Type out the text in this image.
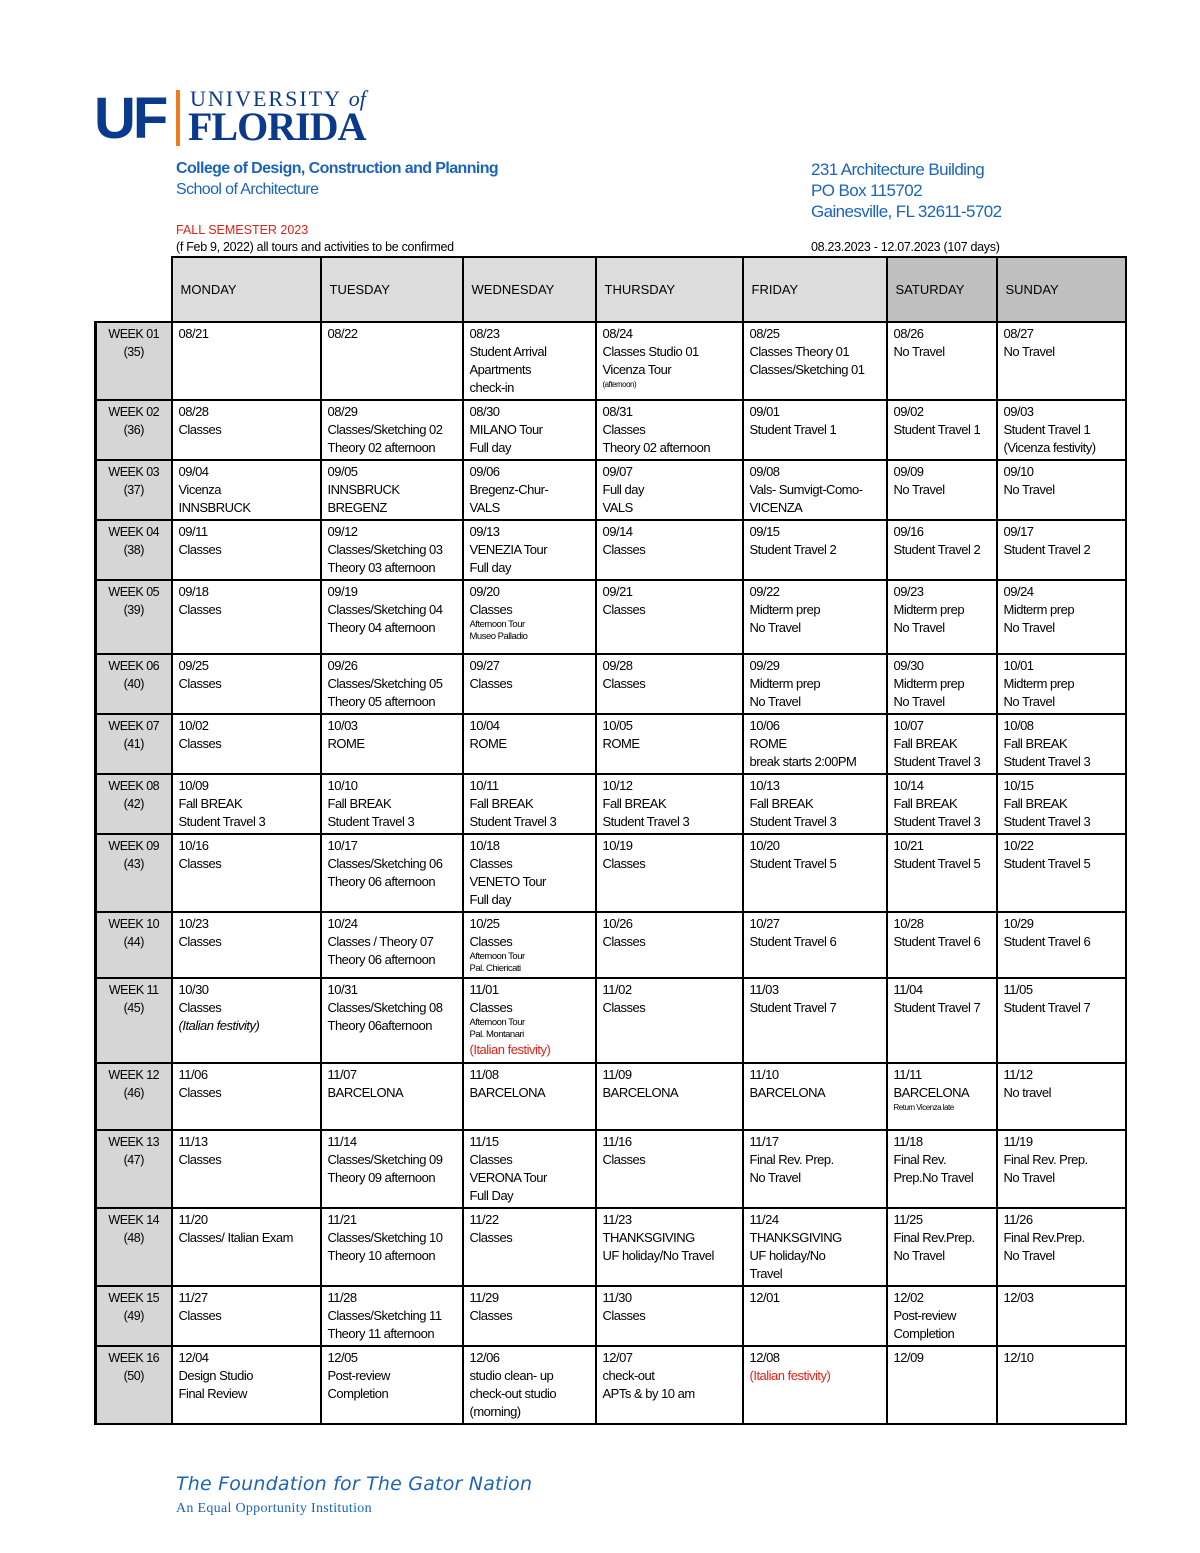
UF UNIVERSITY of
FLORIDA
College of Design, Construction and Planning
School of Architecture
231 Architecture Building
PO Box 115702
Gainesville, FL 32611-5702
FALL SEMESTER 2023
(f Feb 9, 2022) all tours and activities to be confirmed	08.23.2023 - 12.07.2023 (107 days)
	MONDAY	TUESDAY	WEDNESDAY	THURSDAY	FRIDAY	SATURDAY	SUNDAY

WEEK 01
(35)	08/21	08/22	08/23
Student Arrival
Apartments
check-in	08/24
Classes Studio 01
Vicenza Tour
(afternoon)	08/25
Classes Theory 01
Classes/Sketching 01	08/26
No Travel	08/27
No Travel

WEEK 02
(36)	08/28
Classes	08/29
Classes/Sketching 02
Theory 02 afternoon	08/30
MILANO Tour
Full day	08/31
Classes
Theory 02 afternoon	09/01
Student Travel 1	09/02
Student Travel 1	09/03
Student Travel 1
(Vicenza festivity)

WEEK 03
(37)	09/04
Vicenza
INNSBRUCK	09/05
INNSBRUCK
BREGENZ	09/06
Bregenz-Chur-
VALS	09/07
Full day
VALS	09/08
Vals- Sumvigt-Como-
VICENZA	09/09
No Travel	09/10
No Travel

WEEK 04
(38)	09/11
Classes	09/12
Classes/Sketching 03
Theory 03 afternoon	09/13
VENEZIA Tour
Full day	09/14
Classes	09/15
Student Travel 2	09/16
Student Travel 2	09/17
Student Travel 2

WEEK 05
(39)	09/18
Classes	09/19
Classes/Sketching 04
Theory 04 afternoon	09/20
Classes
Afternoon Tour
Museo Palladio	09/21
Classes	09/22
Midterm prep
No Travel	09/23
Midterm prep
No Travel	09/24
Midterm prep
No Travel

WEEK 06
(40)	09/25
Classes	09/26
Classes/Sketching 05
Theory 05 afternoon	09/27
Classes	09/28
Classes	09/29
Midterm prep
No Travel	09/30
Midterm prep
No Travel	10/01
Midterm prep
No Travel

WEEK 07
(41)	10/02
Classes	10/03
ROME	10/04
ROME	10/05
ROME	10/06
ROME
break starts 2:00PM	10/07
Fall BREAK
Student Travel 3	10/08
Fall BREAK
Student Travel 3

WEEK 08
(42)	10/09
Fall BREAK
Student Travel 3	10/10
Fall BREAK
Student Travel 3	10/11
Fall BREAK
Student Travel 3	10/12
Fall BREAK
Student Travel 3	10/13
Fall BREAK
Student Travel 3	10/14
Fall BREAK
Student Travel 3	10/15
Fall BREAK
Student Travel 3

WEEK 09
(43)	10/16
Classes	10/17
Classes/Sketching 06
Theory 06 afternoon	10/18
Classes
VENETO Tour
Full day	10/19
Classes	10/20
Student Travel 5	10/21
Student Travel 5	10/22
Student Travel 5

WEEK 10
(44)	10/23
Classes	10/24
Classes / Theory 07
Theory 06 afternoon	10/25
Classes
Afternoon Tour
Pal. Chiericati	10/26
Classes	10/27
Student Travel 6	10/28
Student Travel 6	10/29
Student Travel 6

WEEK 11
(45)	10/30
Classes
(Italian festivity)	10/31
Classes/Sketching 08
Theory 06afternoon	11/01
Classes
Afternoon Tour
Pal. Montanari
(Italian festivity)	11/02
Classes	11/03
Student Travel 7	11/04
Student Travel 7	11/05
Student Travel 7

WEEK 12
(46)	11/06
Classes	11/07
BARCELONA	11/08
BARCELONA	11/09
BARCELONA	11/10
BARCELONA	11/11
BARCELONA
Return Vicenza late	11/12
No travel

WEEK 13
(47)	11/13
Classes	11/14
Classes/Sketching 09
Theory 09 afternoon	11/15
Classes
VERONA Tour
Full Day	11/16
Classes	11/17
Final Rev. Prep.
No Travel	11/18
Final Rev.
Prep.No Travel	11/19
Final Rev. Prep.
No Travel

WEEK 14
(48)	11/20
Classes/ Italian Exam	11/21
Classes/Sketching 10
Theory 10 afternoon	11/22
Classes	11/23
THANKSGIVING
UF holiday/No Travel	11/24
THANKSGIVING
UF holiday/No
Travel	11/25
Final Rev.Prep.
No Travel	11/26
Final Rev.Prep.
No Travel

WEEK 15
(49)	11/27
Classes	11/28
Classes/Sketching 11
Theory 11 afternoon	11/29
Classes	11/30
Classes	12/01	12/02
Post-review
Completion	12/03

WEEK 16
(50)	12/04
Design Studio
Final Review	12/05
Post-review
Completion	12/06
studio clean- up
check-out studio
(morning)	12/07
check-out
APTs & by 10 am	12/08
(Italian festivity)	12/09	12/10
The Foundation for The Gator Nation
An Equal Opportunity Institution
